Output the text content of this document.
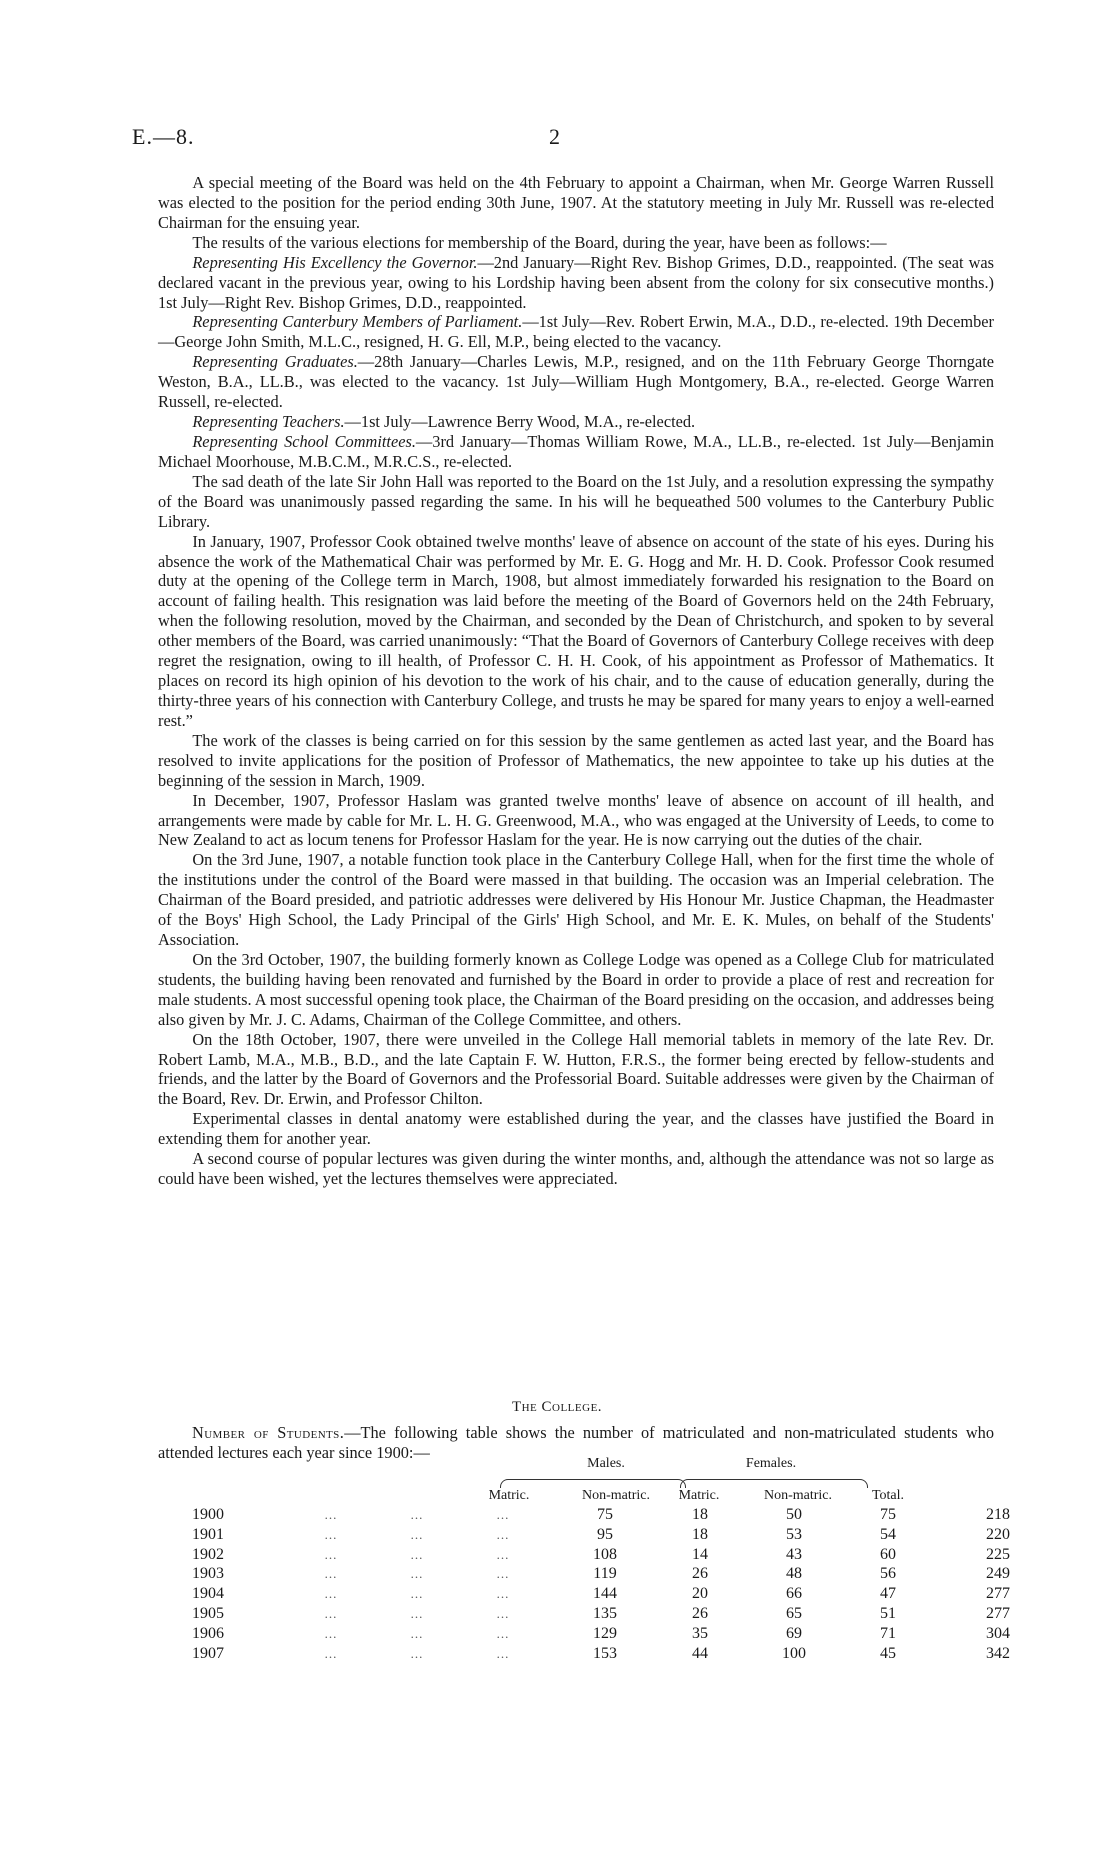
E.—8.	2

A special meeting of the Board was held on the 4th February to appoint a Chairman, when Mr. George Warren Russell was elected to the position for the period ending 30th June, 1907. At the statutory meeting in July Mr. Russell was re-elected Chairman for the ensuing year.

The results of the various elections for membership of the Board, during the year, have been as follows:—

Representing His Excellency the Governor.—2nd January—Right Rev. Bishop Grimes, D.D., reappointed. (The seat was declared vacant in the previous year, owing to his Lordship having been absent from the colony for six consecutive months.) 1st July—Right Rev. Bishop Grimes, D.D., reappointed.

Representing Canterbury Members of Parliament.—1st July—Rev. Robert Erwin, M.A., D.D., re-elected. 19th December—George John Smith, M.L.C., resigned, H. G. Ell, M.P., being elected to the vacancy.

Representing Graduates.—28th January—Charles Lewis, M.P., resigned, and on the 11th February George Thorngate Weston, B.A., LL.B., was elected to the vacancy. 1st July—William Hugh Montgomery, B.A., re-elected. George Warren Russell, re-elected.

Representing Teachers.—1st July—Lawrence Berry Wood, M.A., re-elected.

Representing School Committees.—3rd January—Thomas William Rowe, M.A., LL.B., re-elected. 1st July—Benjamin Michael Moorhouse, M.B.C.M., M.R.C.S., re-elected.

The sad death of the late Sir John Hall was reported to the Board on the 1st July, and a resolution expressing the sympathy of the Board was unanimously passed regarding the same. In his will he bequeathed 500 volumes to the Canterbury Public Library.

In January, 1907, Professor Cook obtained twelve months' leave of absence on account of the state of his eyes. During his absence the work of the Mathematical Chair was performed by Mr. E. G. Hogg and Mr. H. D. Cook. Professor Cook resumed duty at the opening of the College term in March, 1908, but almost immediately forwarded his resignation to the Board on account of failing health. This resignation was laid before the meeting of the Board of Governors held on the 24th February, when the following resolution, moved by the Chairman, and seconded by the Dean of Christchurch, and spoken to by several other members of the Board, was carried unanimously: “That the Board of Governors of Canterbury College receives with deep regret the resignation, owing to ill health, of Professor C. H. H. Cook, of his appointment as Professor of Mathematics. It places on record its high opinion of his devotion to the work of his chair, and to the cause of education generally, during the thirty-three years of his connection with Canterbury College, and trusts he may be spared for many years to enjoy a well-earned rest.”

The work of the classes is being carried on for this session by the same gentlemen as acted last year, and the Board has resolved to invite applications for the position of Professor of Mathematics, the new appointee to take up his duties at the beginning of the session in March, 1909.

In December, 1907, Professor Haslam was granted twelve months' leave of absence on account of ill health, and arrangements were made by cable for Mr. L. H. G. Greenwood, M.A., who was engaged at the University of Leeds, to come to New Zealand to act as locum tenens for Professor Haslam for the year. He is now carrying out the duties of the chair.

On the 3rd June, 1907, a notable function took place in the Canterbury College Hall, when for the first time the whole of the institutions under the control of the Board were massed in that building. The occasion was an Imperial celebration. The Chairman of the Board presided, and patriotic addresses were delivered by His Honour Mr. Justice Chapman, the Headmaster of the Boys' High School, the Lady Principal of the Girls' High School, and Mr. E. K. Mules, on behalf of the Students' Association.

On the 3rd October, 1907, the building formerly known as College Lodge was opened as a College Club for matriculated students, the building having been renovated and furnished by the Board in order to provide a place of rest and recreation for male students. A most successful opening took place, the Chairman of the Board presiding on the occasion, and addresses being also given by Mr. J. C. Adams, Chairman of the College Committee, and others.

On the 18th October, 1907, there were unveiled in the College Hall memorial tablets in memory of the late Rev. Dr. Robert Lamb, M.A., M.B., B.D., and the late Captain F. W. Hutton, F.R.S., the former being erected by fellow-students and friends, and the latter by the Board of Governors and the Professorial Board. Suitable addresses were given by the Chairman of the Board, Rev. Dr. Erwin, and Professor Chilton.

Experimental classes in dental anatomy were established during the year, and the classes have justified the Board in extending them for another year.

A second course of popular lectures was given during the winter months, and, although the attendance was not so large as could have been wished, yet the lectures themselves were appreciated.

The College.
Number of Students.—The following table shows the number of matriculated and non-matriculated students who attended lectures each year since 1900:—
Males.	Females.
Matric.	Non-matric.	Matric.	Non-matric.	Total.
1900	... ... ...	75	18	50	75	218
1901	... ... ...	95	18	53	54	220
1902	... ... ...	108	14	43	60	225
1903	... ... ...	119	26	48	56	249
1904	... ... ...	144	20	66	47	277
1905	... ... ...	135	26	65	51	277
1906	... ... ...	129	35	69	71	304
1907	... ... ...	153	44	100	45	342
